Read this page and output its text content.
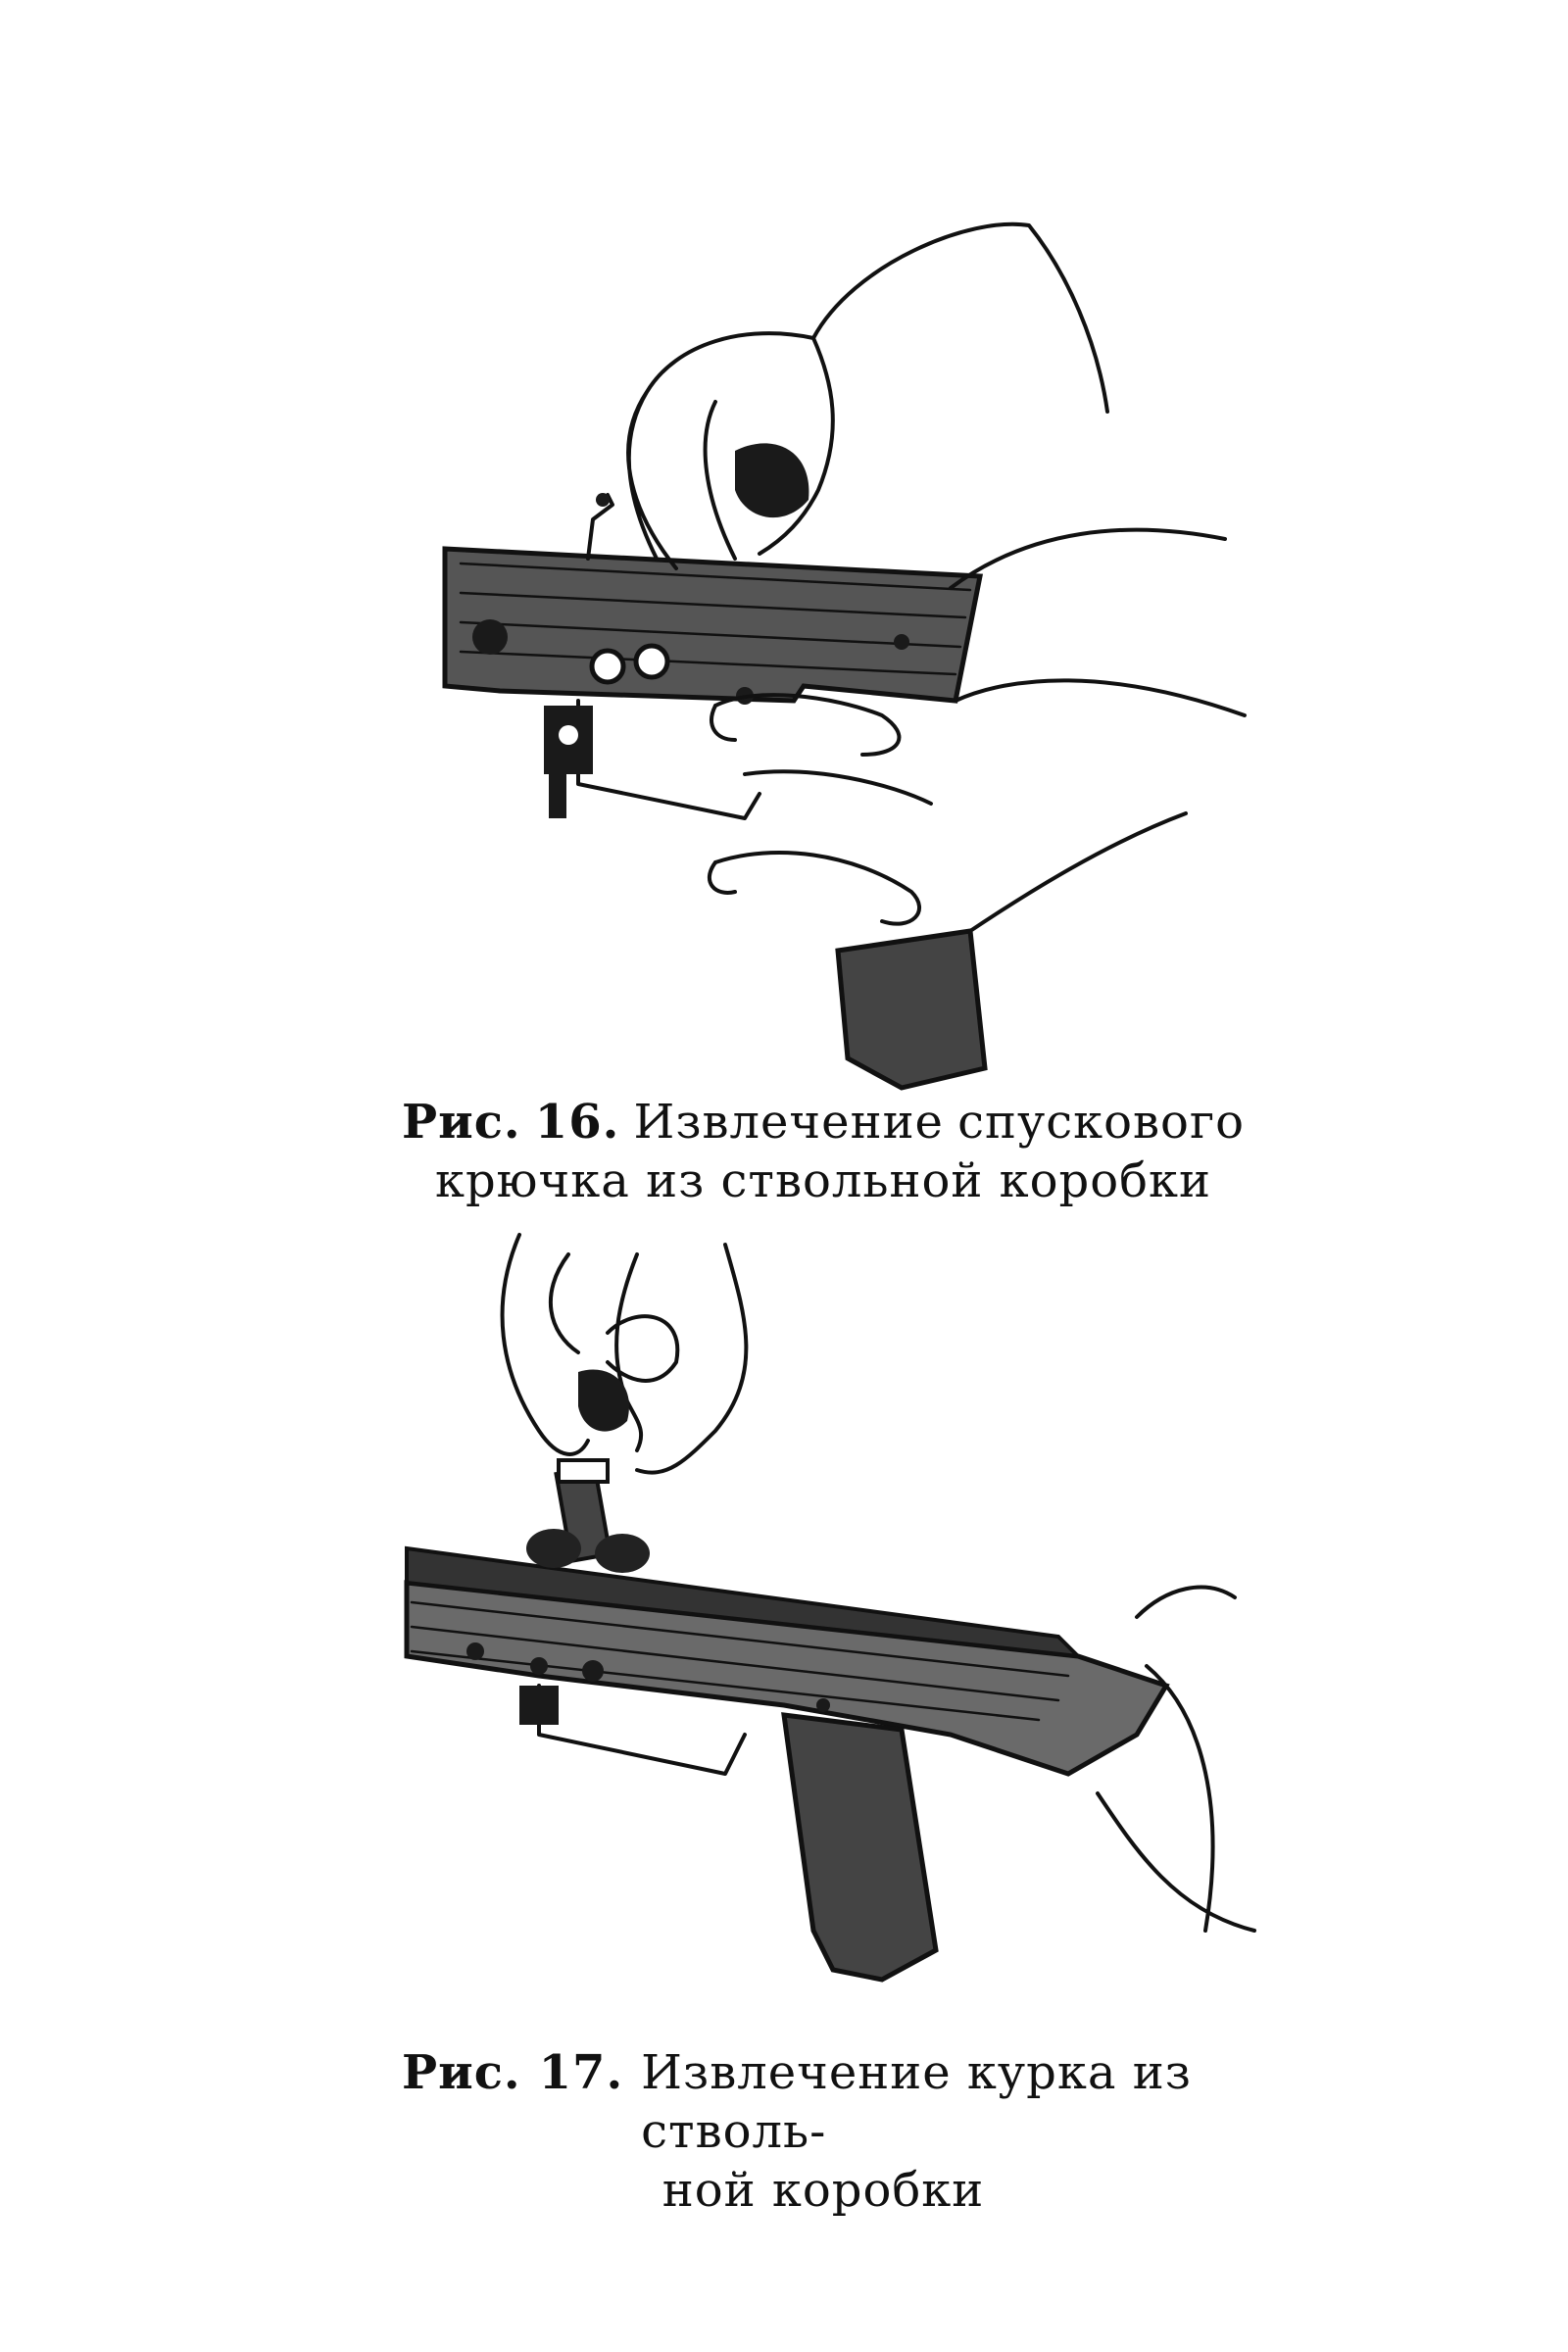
Рис. 16. Извлечение спускового
крючка из ствольной коробки
Рис. 17. Извлечение курка из ствoль-
ной коробки
